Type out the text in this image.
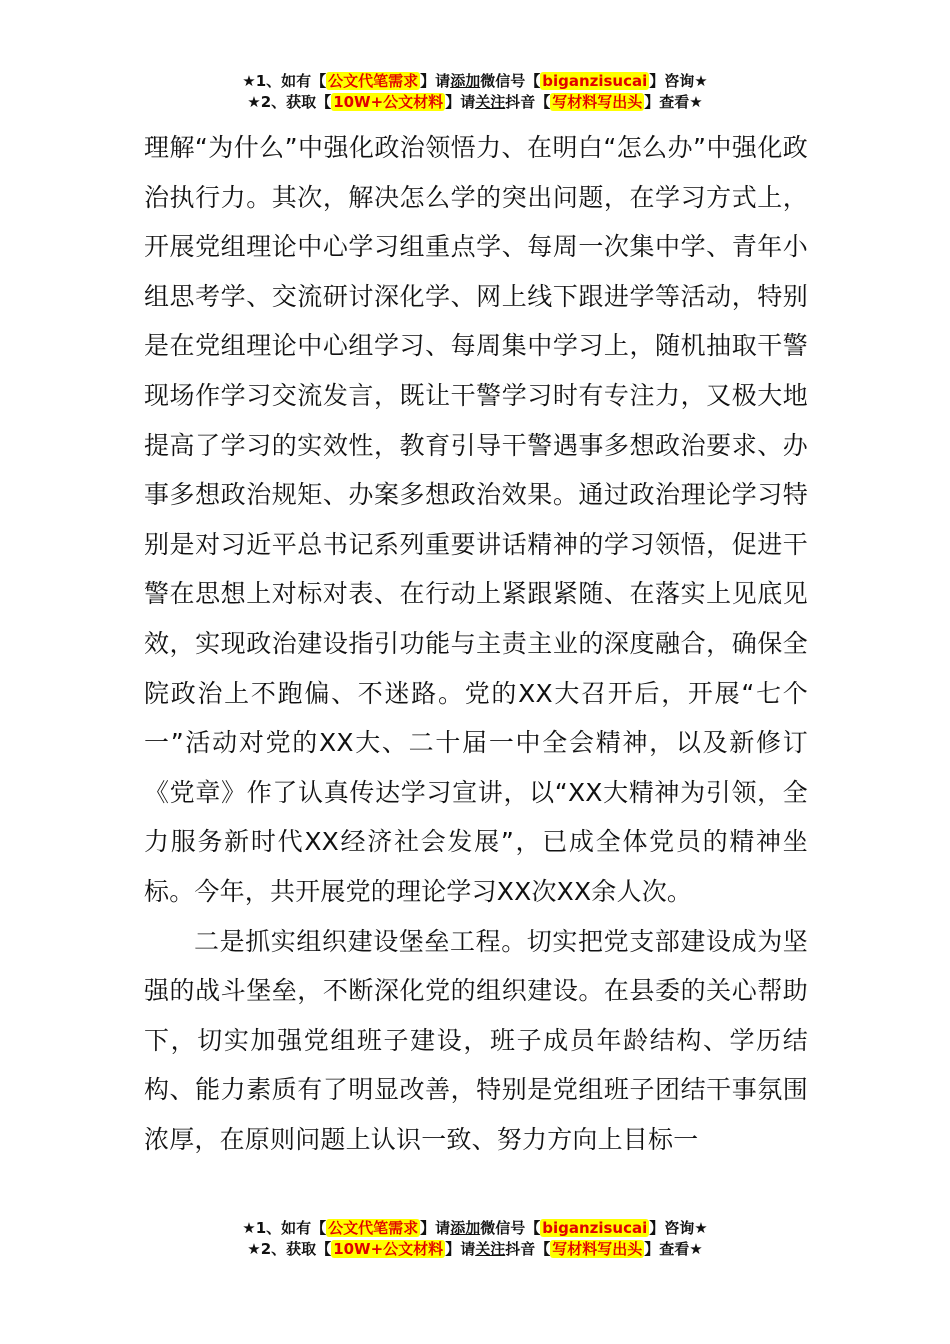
★1、如有【 公文代笔需求 】请添加微信号【 biganzisucai 】咨询★
★2、获取【 10W+公文材料 】请关注抖音【 写材料写出头 】查看★

理解“为什么”中强化政治领悟力、在明白“怎么办”中强化政治执行力。其次，解决怎么学的突出问题，在学习方式上，开展党组理论中心学习组重点学、每周一次集中学、青年小组思考学、交流研讨深化学、网上线下跟进学等活动，特别是在党组理论中心组学习、每周集中学习上，随机抽取干警现场作学习交流发言，既让干警学习时有专注力，又极大地提高了学习的实效性，教育引导干警遇事多想政治要求、办事多想政治规矩、办案多想政治效果。通过政治理论学习特别是对习近平总书记系列重要讲话精神的学习领悟，促进干警在思想上对标对表、在行动上紧跟紧随、在落实上见底见效，实现政治建设指引功能与主责主业的深度融合，确保全院政治上不跑偏、不迷路。党的XX大召开后，开展“七个一”活动对党的XX大、二十届一中全会精神，以及新修订《党章》作了认真传达学习宣讲，以“XX大精神为引领，全力服务新时代XX经济社会发展”，已成全体党员的精神坐标。今年，共开展党的理论学习XX次XX余人次。

二是抓实组织建设堡垒工程。切实把党支部建设成为坚强的战斗堡垒，不断深化党的组织建设。在县委的关心帮助下，切实加强党组班子建设，班子成员年龄结构、学历结构、能力素质有了明显改善，特别是党组班子团结干事氛围浓厚，在原则问题上认识一致、努力方向上目标一

★1、如有【 公文代笔需求 】请添加微信号【 biganzisucai 】咨询★
★2、获取【 10W+公文材料 】请关注抖音【 写材料写出头 】查看★
